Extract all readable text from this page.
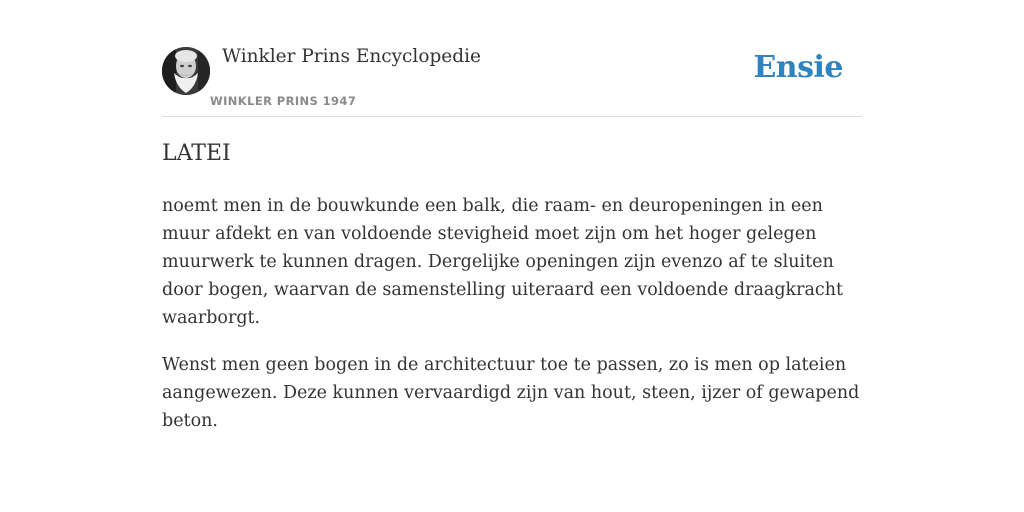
Winkler Prins Encyclopedie
WINKLER PRINS 1947
Ensie
LATEI

noemt men in de bouwkunde een balk, die raam- en deuropeningen in een muur afdekt en van voldoende stevigheid moet zijn om het hoger gelegen muurwerk te kunnen dragen. Dergelijke openingen zijn evenzo af te sluiten door bogen, waarvan de samenstelling uiteraard een voldoende draagkracht waarborgt.

Wenst men geen bogen in de architectuur toe te passen, zo is men op lateien aangewezen. Deze kunnen vervaardigd zijn van hout, steen, ijzer of gewapend beton.
